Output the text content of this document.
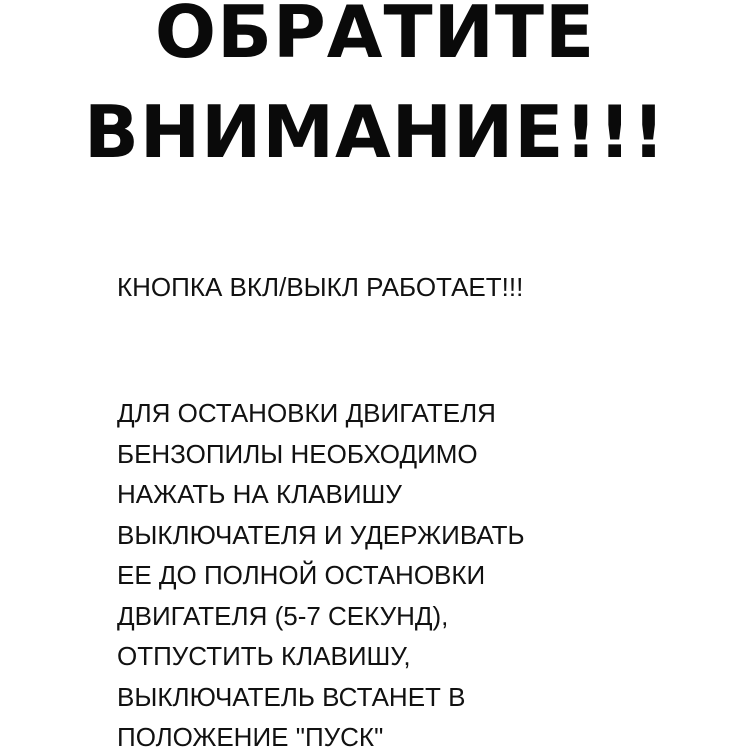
ОБРАТИТЕ
ВНИМАНИЕ!!!
КНОПКА ВКЛ/ВЫКЛ РАБОТАЕТ!!!
ДЛЯ ОСТАНОВКИ ДВИГАТЕЛЯ
БЕНЗОПИЛЫ НЕОБХОДИМО
НАЖАТЬ НА КЛАВИШУ
ВЫКЛЮЧАТЕЛЯ И УДЕРЖИВАТЬ
ЕЕ ДО ПОЛНОЙ ОСТАНОВКИ
ДВИГАТЕЛЯ (5-7 СЕКУНД),
ОТПУСТИТЬ КЛАВИШУ,
ВЫКЛЮЧАТЕЛЬ ВСТАНЕТ В
ПОЛОЖЕНИЕ "ПУСК"
